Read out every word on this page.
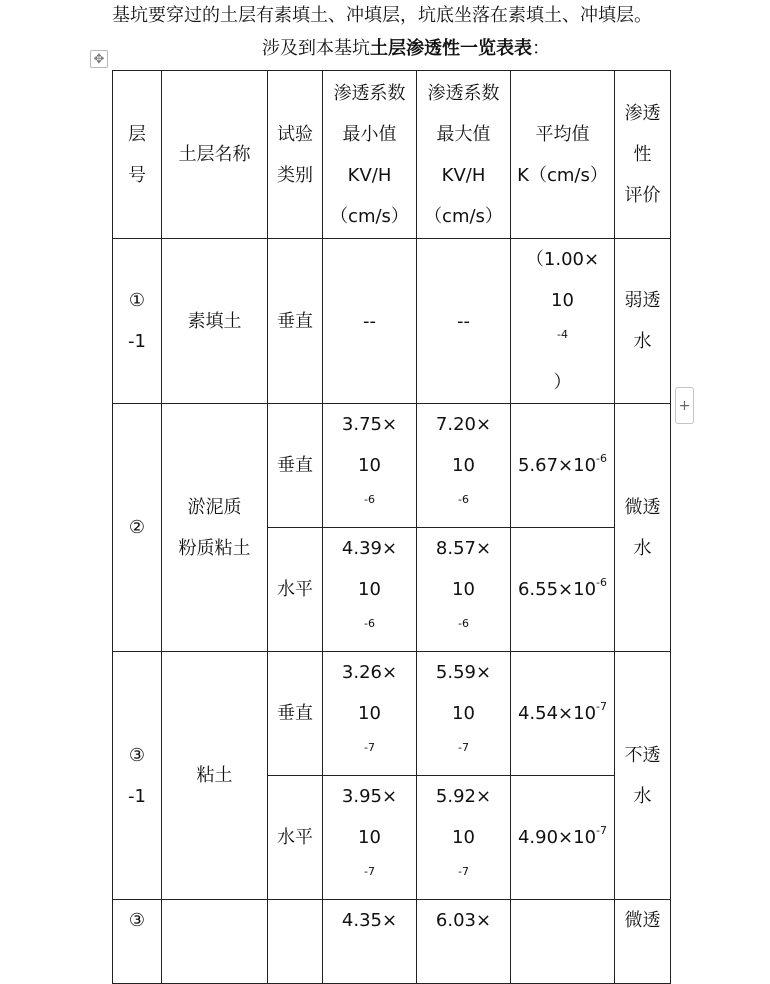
基坑要穿过的土层有素填土、冲填层，坑底坐落在素填土、冲填层。
涉及到本基坑土层渗透性一览表表：
✥
+
层
号	土层名称	试验
类别	渗透系数
最小值
KV/H
（cm/s）	渗透系数
最大值
KV/H
（cm/s）	平均值
K（cm/s）	渗透
性
评价

①
-1	素填土	垂直	--	--	（1.00×
10
$^{-4}$
）	弱透
水

②	淤泥质
粉质粘土	垂直	3.75×
10
$^{-6}$	7.20×
10
$^{-6}$	$5.67\times 10^{-6}$	微透
水

		水平	4.39×
10
$^{-6}$	8.57×
10
$^{-6}$	$6.55\times 10^{-6}$

③
-1	粘土	垂直	3.26×
10
$^{-7}$	5.59×
10
$^{-7}$	$4.54\times 10^{-7}$	不透
水

		水平	3.95×
10
$^{-7}$	5.92×
10
$^{-7}$	$4.90\times 10^{-7}$
③			4.35×	6.03×		微透
